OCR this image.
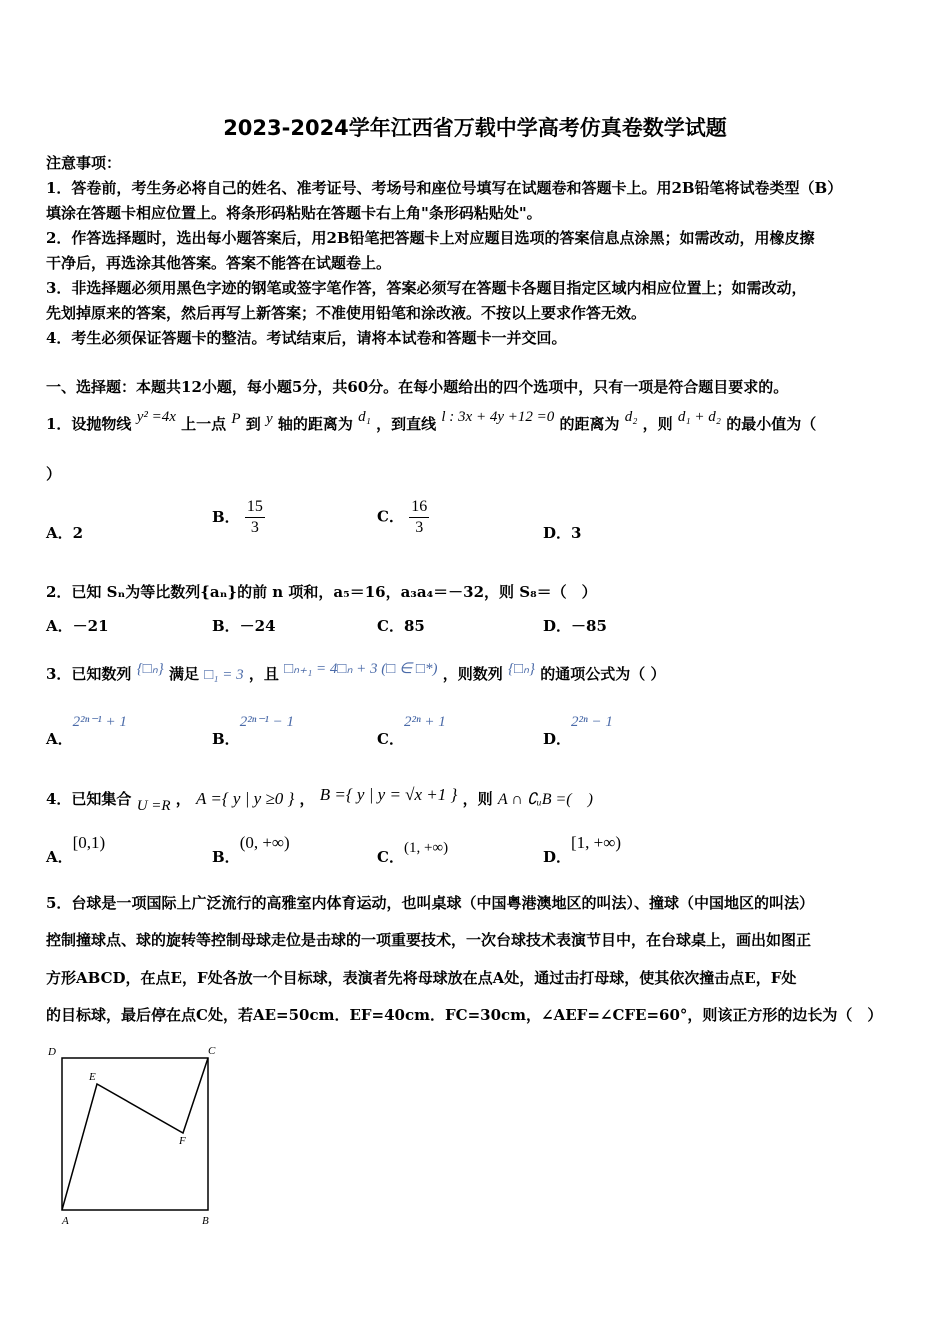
2023-2024学年江西省万载中学高考仿真卷数学试题
注意事项：
1．答卷前，考生务必将自己的姓名、准考证号、考场号和座位号填写在试题卷和答题卡上。用2B铅笔将试卷类型（B）
填涂在答题卡相应位置上。将条形码粘贴在答题卡右上角"条形码粘贴处"。
2．作答选择题时，选出每小题答案后，用2B铅笔把答题卡上对应题目选项的答案信息点涂黑；如需改动，用橡皮擦
干净后，再选涂其他答案。答案不能答在试题卷上。
3．非选择题必须用黑色字迹的钢笔或签字笔作答，答案必须写在答题卡各题目指定区域内相应位置上；如需改动，
先划掉原来的答案，然后再写上新答案；不准使用铅笔和涂改液。不按以上要求作答无效。
4．考生必须保证答题卡的整洁。考试结束后，请将本试卷和答题卡一并交回。
一、选择题：本题共12小题，每小题5分，共60分。在每小题给出的四个选项中，只有一项是符合题目要求的。
1．设抛物线 y² =4x 上一点 P 到 y 轴的距离为 d₁ ，到直线 l : 3x + 4y +12 =0 的距离为 d₂ ，则 d₁ + d₂ 的最小值为（
）
A．2
B． $\frac{15}{3}$	C． $\frac{16}{3}$	D．3
2．已知 Sₙ为等比数列{aₙ}的前 n 项和，a₅＝16，a₃a₄＝－32，则 S₈＝（　）
A．－21	B．－24	C．85	D．－85
3．已知数列 {□ₙ} 满足 □₁ = 3 ，且 □ₙ₊₁ = 4□ₙ + 3 (□ ∈ □*) ，则数列 {□ₙ} 的通项公式为（ ）
A．2²ⁿ⁻¹ + 1
B．2²ⁿ⁻¹ − 1
C．2²ⁿ + 1
D．2²ⁿ − 1
4．已知集合 U =R ， A ={ y | y ≥0 } ， B ={ y | y = √x +1 } ，则 A ∩ ∁ᵤB =(　)
A．[0,1)
B．(0, +∞)
C．(1, +∞)	D．[1, +∞)
5．台球是一项国际上广泛流行的高雅室内体育运动，也叫桌球（中国粤港澳地区的叫法）、撞球（中国地区的叫法）
控制撞球点、球的旋转等控制母球走位是击球的一项重要技术，一次台球技术表演节目中，在台球桌上，画出如图正
方形ABCD，在点E，F处各放一个目标球，表演者先将母球放在点A处，通过击打母球，使其依次撞击点E，F处
的目标球，最后停在点C处，若AE=50cm．EF=40cm．FC=30cm，∠AEF=∠CFE=60°，则该正方形的边长为（　）
D	C
E
F
A	B
